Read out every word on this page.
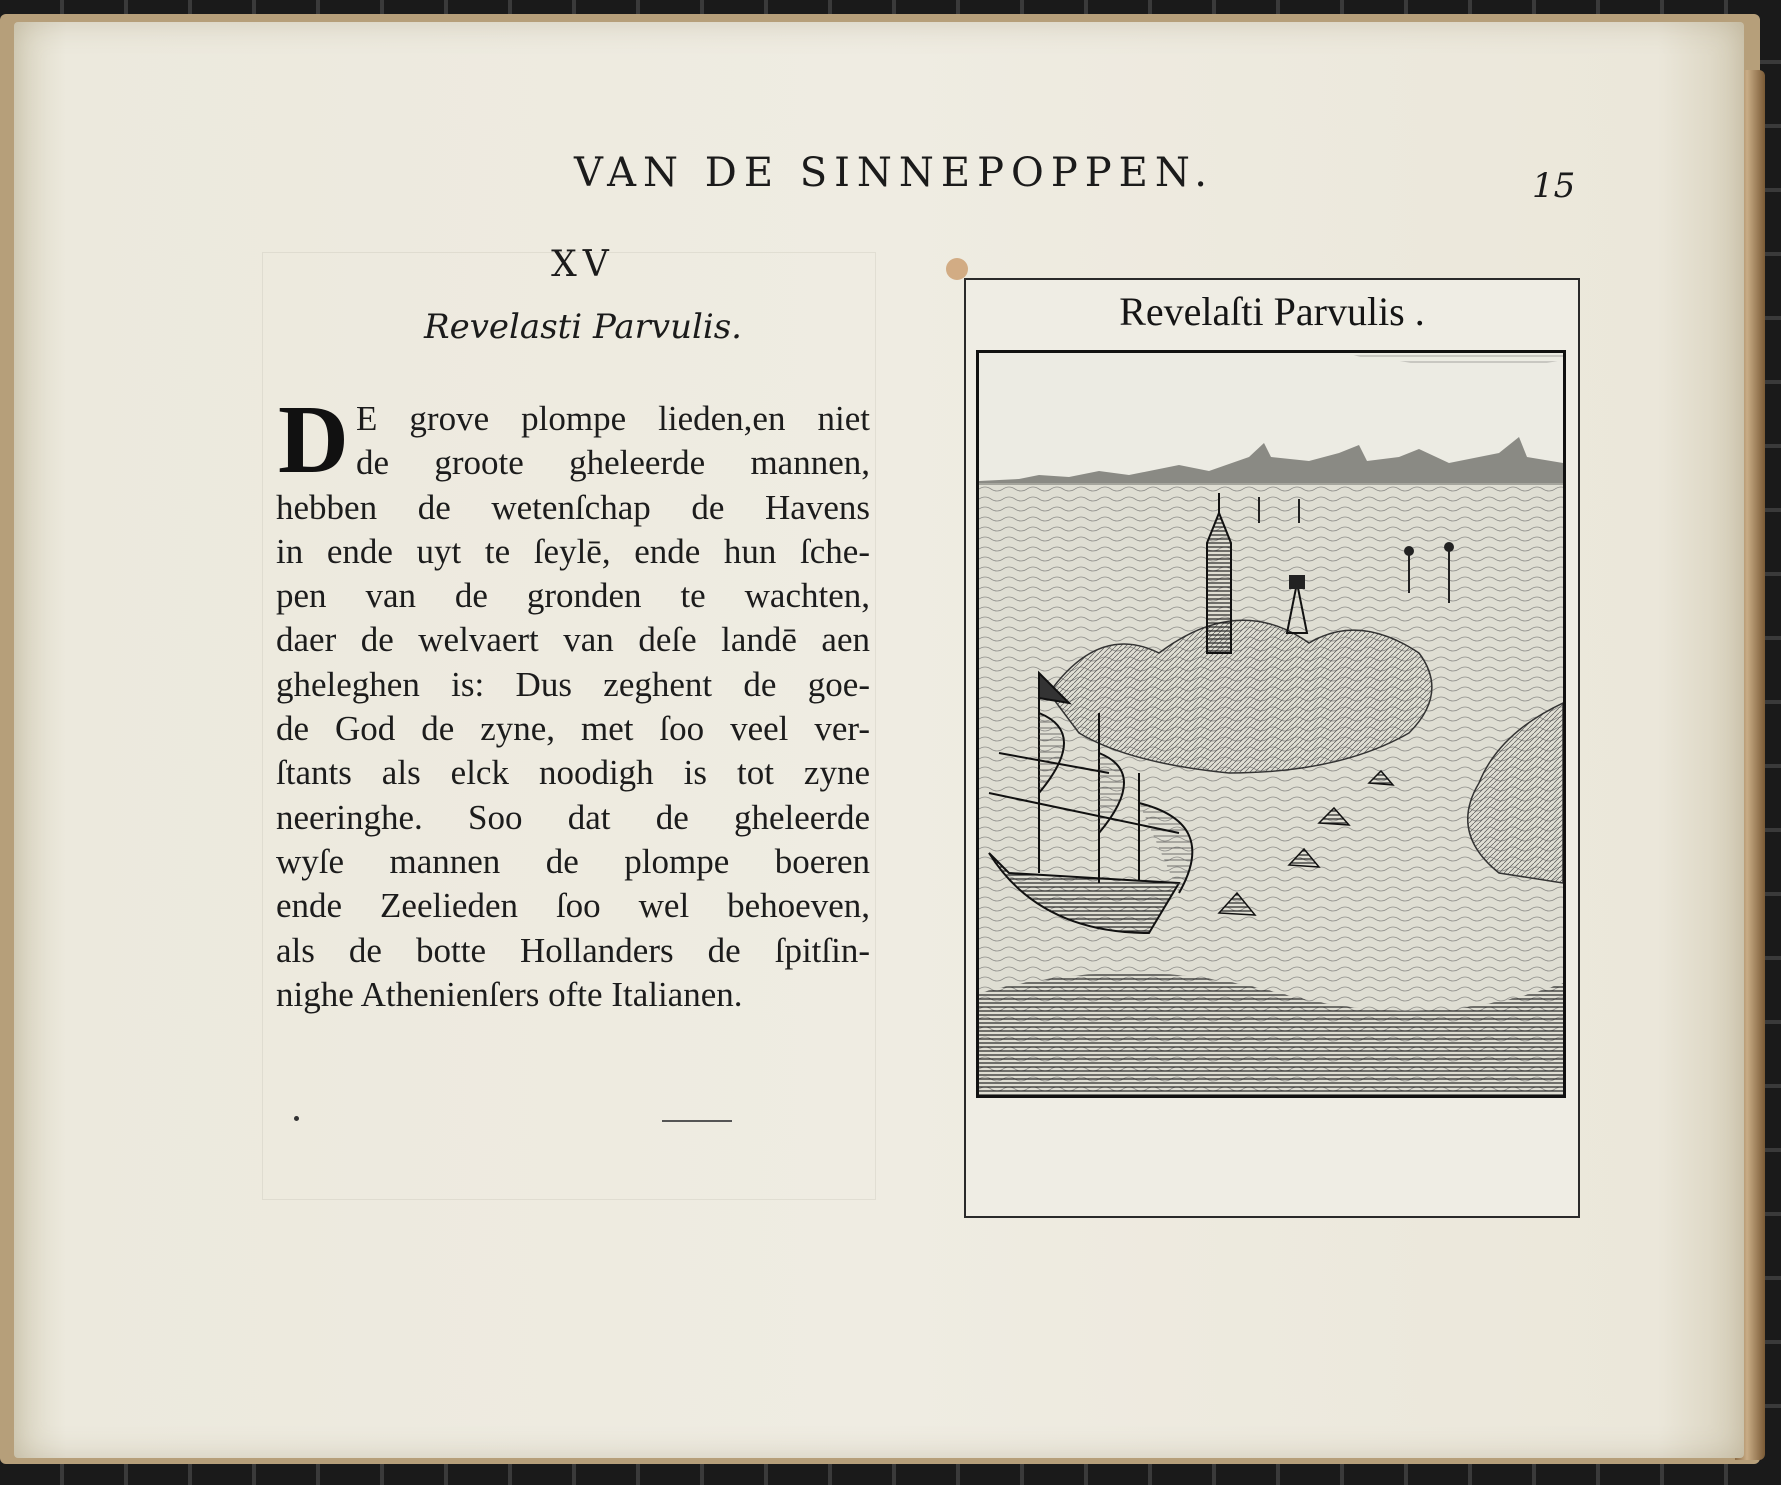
VAN DE SINNEPOPPEN.	15
XV
Revelasti Parvulis.
D E grove plompe lieden,en niet
de groote gheleerde mannen,
hebben de wetenſchap de Havens
in ende uyt te ſeylē, ende hun ſche-
pen van de gronden te wachten,
daer de welvaert van deſe landē aen
gheleghen is: Dus zeghent de goe-
de God de zyne, met ſoo veel ver-
ſtants als elck noodigh is tot zyne
neeringhe. Soo dat de gheleerde
wyſe mannen de plompe boeren
ende Zeelieden ſoo wel behoeven,
als de botte Hollanders de ſpitſin-
nighe Athenienſers ofte Italianen.
Revelaſti Parvulis .
